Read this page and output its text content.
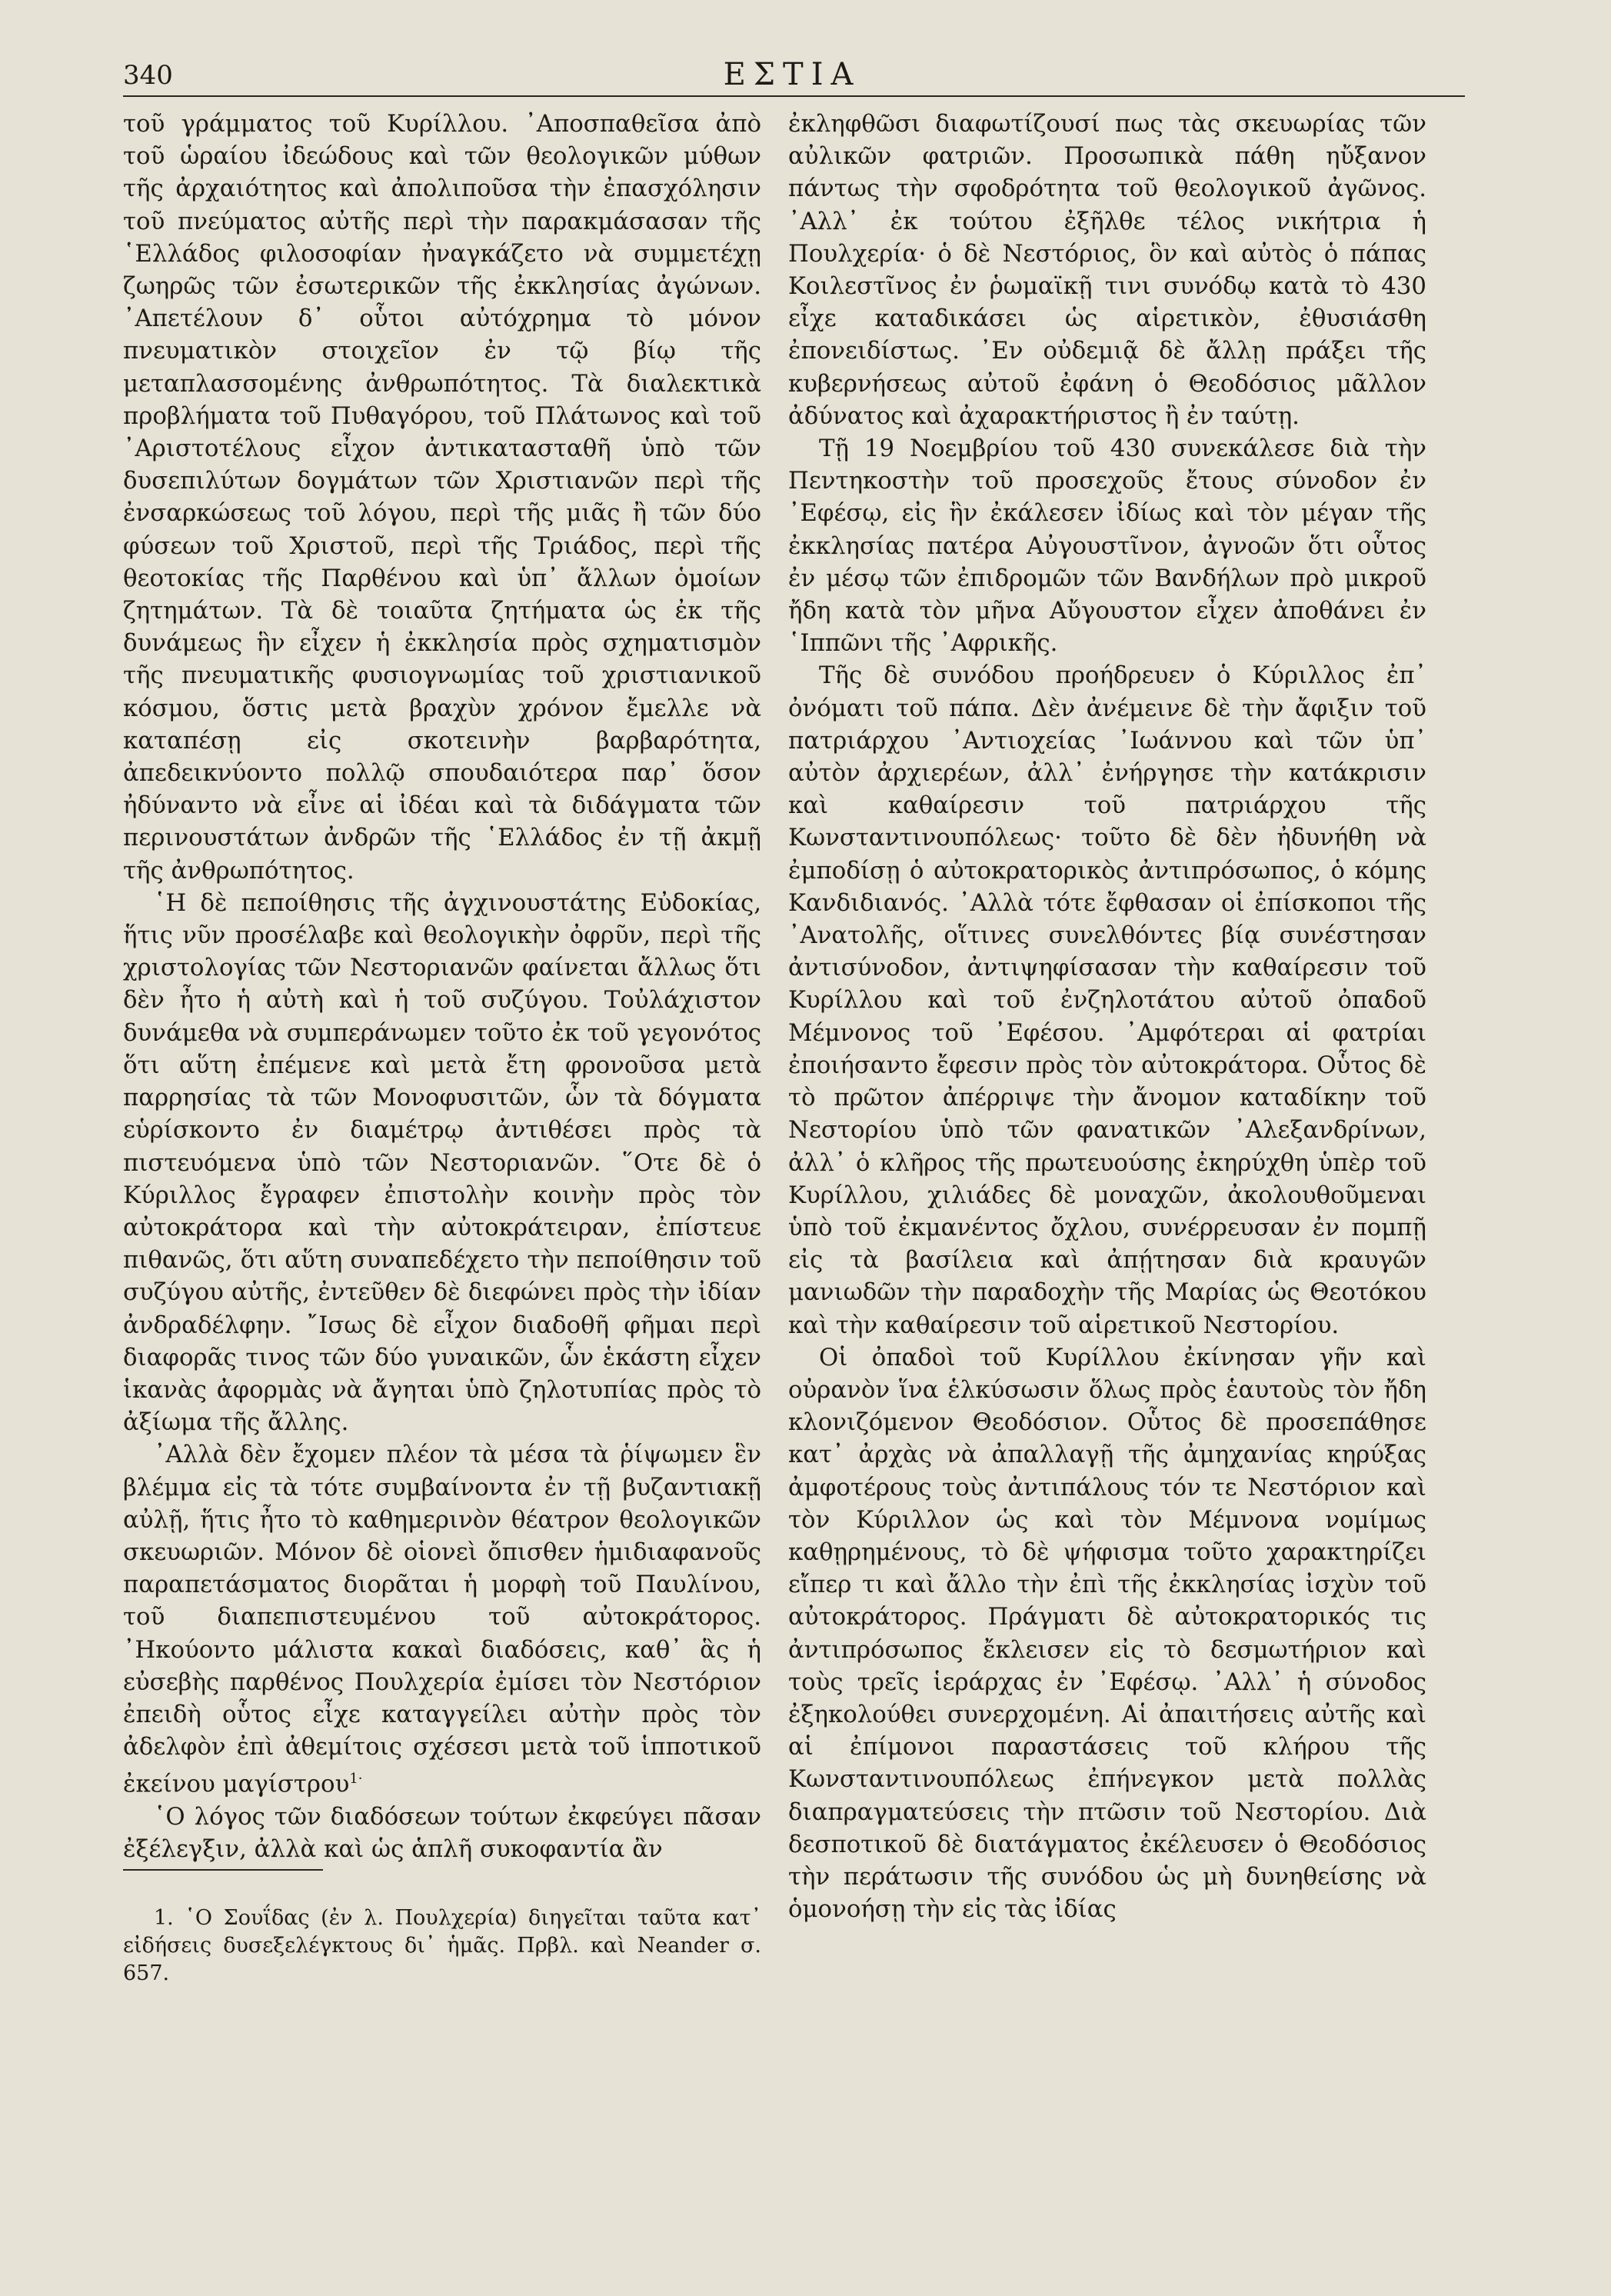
340	ΕΣΤΙΑ

τοῦ γράμματος τοῦ Κυρίλλου. ᾿Αποσπαθεῖσα ἀπὸ τοῦ ὡραίου ἰδεώδους καὶ τῶν θεολογικῶν μύθων τῆς ἀρχαιότητος καὶ ἀπολιποῦσα τὴν ἐπασχόλησιν τοῦ πνεύματος αὐτῆς περὶ τὴν παρακμάσασαν τῆς ῾Ελλάδος φιλοσοφίαν ἠναγκάζετο νὰ συμμετέχῃ ζωηρῶς τῶν ἐσωτερικῶν τῆς ἐκκλησίας ἀγώνων. ᾿Απετέλουν δ᾽ οὗτοι αὐτόχρημα τὸ μόνον πνευματικὸν στοιχεῖον ἐν τῷ βίῳ τῆς μεταπλασσομένης ἀνθρωπότητος. Τὰ διαλεκτικὰ προβλήματα τοῦ Πυθαγόρου, τοῦ Πλάτωνος καὶ τοῦ ᾿Αριστοτέλους εἶχον ἀντικατασταθῆ ὑπὸ τῶν δυσεπιλύτων δογμάτων τῶν Χριστιανῶν περὶ τῆς ἐνσαρκώσεως τοῦ λόγου, περὶ τῆς μιᾶς ἢ τῶν δύο φύσεων τοῦ Χριστοῦ, περὶ τῆς Τριάδος, περὶ τῆς θεοτοκίας τῆς Παρθένου καὶ ὑπ᾽ ἄλλων ὁμοίων ζητημάτων. Τὰ δὲ τοιαῦτα ζητήματα ὡς ἐκ τῆς δυνάμεως ἣν εἶχεν ἡ ἐκκλησία πρὸς σχηματισμὸν τῆς πνευματικῆς φυσιογνωμίας τοῦ χριστιανικοῦ κόσμου, ὅστις μετὰ βραχὺν χρόνον ἔμελλε νὰ καταπέσῃ εἰς σκοτεινὴν βαρβαρότητα, ἀπεδεικνύοντο πολλῷ σπουδαιότερα παρ᾽ ὅσον ἠδύναντο νὰ εἶνε αἱ ἰδέαι καὶ τὰ διδάγματα τῶν περινουστάτων ἀνδρῶν τῆς ῾Ελλάδος ἐν τῇ ἀκμῇ τῆς ἀνθρωπότητος.

῾Η δὲ πεποίθησις τῆς ἀγχινουστάτης Εὐδοκίας, ἥτις νῦν προσέλαβε καὶ θεολογικὴν ὀφρῦν, περὶ τῆς χριστολογίας τῶν Νεστοριανῶν φαίνεται ἄλλως ὅτι δὲν ἦτο ἡ αὐτὴ καὶ ἡ τοῦ συζύγου. Τοὐλάχιστον δυνάμεθα νὰ συμπεράνωμεν τοῦτο ἐκ τοῦ γεγονότος ὅτι αὕτη ἐπέμενε καὶ μετὰ ἔτη φρονοῦσα μετὰ παρρησίας τὰ τῶν Μονοφυσιτῶν, ὧν τὰ δόγματα εὑρίσκοντο ἐν διαμέτρῳ ἀντιθέσει πρὸς τὰ πιστευόμενα ὑπὸ τῶν Νεστοριανῶν. ῞Οτε δὲ ὁ Κύριλλος ἔγραφεν ἐπιστολὴν κοινὴν πρὸς τὸν αὐτοκράτορα καὶ τὴν αὐτοκράτειραν, ἐπίστευε πιθανῶς, ὅτι αὕτη συναπεδέχετο τὴν πεποίθησιν τοῦ συζύγου αὐτῆς, ἐντεῦθεν δὲ διεφώνει πρὸς τὴν ἰδίαν ἀνδραδέλφην. ῎Ισως δὲ εἶχον διαδοθῆ φῆμαι περὶ διαφορᾶς τινος τῶν δύο γυναικῶν, ὧν ἑκάστη εἶχεν ἱκανὰς ἀφορμὰς νὰ ἄγηται ὑπὸ ζηλοτυπίας πρὸς τὸ ἀξίωμα τῆς ἄλλης.

᾿Αλλὰ δὲν ἔχομεν πλέον τὰ μέσα τὰ ῥίψωμεν ἓν βλέμμα εἰς τὰ τότε συμβαίνοντα ἐν τῇ βυζαντιακῇ αὐλῇ, ἥτις ἦτο τὸ καθημερινὸν θέατρον θεολογικῶν σκευωριῶν. Μόνον δὲ οἱονεὶ ὄπισθεν ἡμιδιαφανοῦς παραπετάσματος διορᾶται ἡ μορφὴ τοῦ Παυλίνου, τοῦ διαπεπιστευμένου τοῦ αὐτοκράτορος. ᾿Ηκούοντο μάλιστα κακαὶ διαδόσεις, καθ᾽ ἃς ἡ εὐσεβὴς παρθένος Πουλχερία ἐμίσει τὸν Νεστόριον ἐπειδὴ οὗτος εἶχε καταγγείλει αὐτὴν πρὸς τὸν ἀδελφὸν ἐπὶ ἀθεμίτοις σχέσεσι μετὰ τοῦ ἱπποτικοῦ ἐκείνου μαγίστρου$^{1\cdot}$

῾Ο λόγος τῶν διαδόσεων τούτων ἐκφεύγει πᾶσαν ἐξέλεγξιν, ἀλλὰ καὶ ὡς ἁπλῆ συκοφαντία ἂν

1. ῾Ο Σουΐδας (ἐν λ. Πουλχερία) διηγεῖται ταῦτα κατ᾽ εἰδήσεις δυσεξελέγκτους δι᾽ ἡμᾶς. Πρβλ. καὶ Neander σ. 657.

ἐκληφθῶσι διαφωτίζουσί πως τὰς σκευωρίας τῶν αὐλικῶν φατριῶν. Προσωπικὰ πάθη ηὔξανον πάντως τὴν σφοδρότητα τοῦ θεολογικοῦ ἀγῶνος. ᾿Αλλ᾽ ἐκ τούτου ἐξῆλθε τέλος νικήτρια ἡ Πουλχερία· ὁ δὲ Νεστόριος, ὃν καὶ αὐτὸς ὁ πάπας Κοιλεστῖνος ἐν ῥωμαϊκῇ τινι συνόδῳ κατὰ τὸ 430 εἶχε καταδικάσει ὡς αἱρετικὸν, ἐθυσιάσθη ἐπονειδίστως. ᾿Εν οὐδεμιᾷ δὲ ἄλλῃ πράξει τῆς κυβερνήσεως αὐτοῦ ἐφάνη ὁ Θεοδόσιος μᾶλλον ἀδύνατος καὶ ἀχαρακτήριστος ἢ ἐν ταύτῃ.

Τῇ 19 Νοεμβρίου τοῦ 430 συνεκάλεσε διὰ τὴν Πεντηκοστὴν τοῦ προσεχοῦς ἔτους σύνοδον ἐν ᾿Εφέσῳ, εἰς ἣν ἐκάλεσεν ἰδίως καὶ τὸν μέγαν τῆς ἐκκλησίας πατέρα Αὐγουστῖνον, ἀγνοῶν ὅτι οὗτος ἐν μέσῳ τῶν ἐπιδρομῶν τῶν Βανδήλων πρὸ μικροῦ ἤδη κατὰ τὸν μῆνα Αὔγουστον εἶχεν ἀποθάνει ἐν ῾Ιππῶνι τῆς ᾿Αφρικῆς.

Τῆς δὲ συνόδου προήδρευεν ὁ Κύριλλος ἐπ᾽ ὀνόματι τοῦ πάπα. Δὲν ἀνέμεινε δὲ τὴν ἄφιξιν τοῦ πατριάρχου ᾿Αντιοχείας ᾿Ιωάννου καὶ τῶν ὑπ᾽ αὐτὸν ἀρχιερέων, ἀλλ᾽ ἐνήργησε τὴν κατάκρισιν καὶ καθαίρεσιν τοῦ πατριάρχου τῆς Κωνσταντινουπόλεως· τοῦτο δὲ δὲν ἠδυνήθη νὰ ἐμποδίσῃ ὁ αὐτοκρατορικὸς ἀντιπρόσωπος, ὁ κόμης Κανδιδιανός. ᾿Αλλὰ τότε ἔφθασαν οἱ ἐπίσκοποι τῆς ᾿Ανατολῆς, οἵτινες συνελθόντες βίᾳ συνέστησαν ἀντισύνοδον, ἀντιψηφίσασαν τὴν καθαίρεσιν τοῦ Κυρίλλου καὶ τοῦ ἐνζηλοτάτου αὐτοῦ ὀπαδοῦ Μέμνονος τοῦ ᾿Εφέσου. ᾿Αμφότεραι αἱ φατρίαι ἐποιήσαντο ἔφεσιν πρὸς τὸν αὐτοκράτορα. Οὗτος δὲ τὸ πρῶτον ἀπέρριψε τὴν ἄνομον καταδίκην τοῦ Νεστορίου ὑπὸ τῶν φανατικῶν ᾿Αλεξανδρίνων, ἀλλ᾽ ὁ κλῆρος τῆς πρωτευούσης ἐκηρύχθη ὑπὲρ τοῦ Κυρίλλου, χιλιάδες δὲ μοναχῶν, ἀκολουθοῦμεναι ὑπὸ τοῦ ἐκμανέντος ὄχλου, συνέρρευσαν ἐν πομπῇ εἰς τὰ βασίλεια καὶ ἀπῄτησαν διὰ κραυγῶν μανιωδῶν τὴν παραδοχὴν τῆς Μαρίας ὡς Θεοτόκου καὶ τὴν καθαίρεσιν τοῦ αἱρετικοῦ Νεστορίου.

Οἱ ὀπαδοὶ τοῦ Κυρίλλου ἐκίνησαν γῆν καὶ οὐρανὸν ἵνα ἑλκύσωσιν ὅλως πρὸς ἑαυτοὺς τὸν ἤδη κλονιζόμενον Θεοδόσιον. Οὗτος δὲ προσεπάθησε κατ᾽ ἀρχὰς νὰ ἀπαλλαγῇ τῆς ἀμηχανίας κηρύξας ἀμφοτέρους τοὺς ἀντιπάλους τόν τε Νεστόριον καὶ τὸν Κύριλλον ὡς καὶ τὸν Μέμνονα νομίμως καθῃρημένους, τὸ δὲ ψήφισμα τοῦτο χαρακτηρίζει εἴπερ τι καὶ ἄλλο τὴν ἐπὶ τῆς ἐκκλησίας ἰσχὺν τοῦ αὐτοκράτορος. Πράγματι δὲ αὐτοκρατορικός τις ἀντιπρόσωπος ἔκλεισεν εἰς τὸ δεσμωτήριον καὶ τοὺς τρεῖς ἱεράρχας ἐν ᾿Εφέσῳ. ᾿Αλλ᾽ ἡ σύνοδος ἐξηκολούθει συνερχομένη. Αἱ ἀπαιτήσεις αὐτῆς καὶ αἱ ἐπίμονοι παραστάσεις τοῦ κλήρου τῆς Κωνσταντινουπόλεως ἐπήνεγκον μετὰ πολλὰς διαπραγματεύσεις τὴν πτῶσιν τοῦ Νεστορίου. Διὰ δεσποτικοῦ δὲ διατάγματος ἐκέλευσεν ὁ Θεοδόσιος τὴν περάτωσιν τῆς συνόδου ὡς μὴ δυνηθείσης νὰ ὁμονοήσῃ τὴν εἰς τὰς ἰδίας
